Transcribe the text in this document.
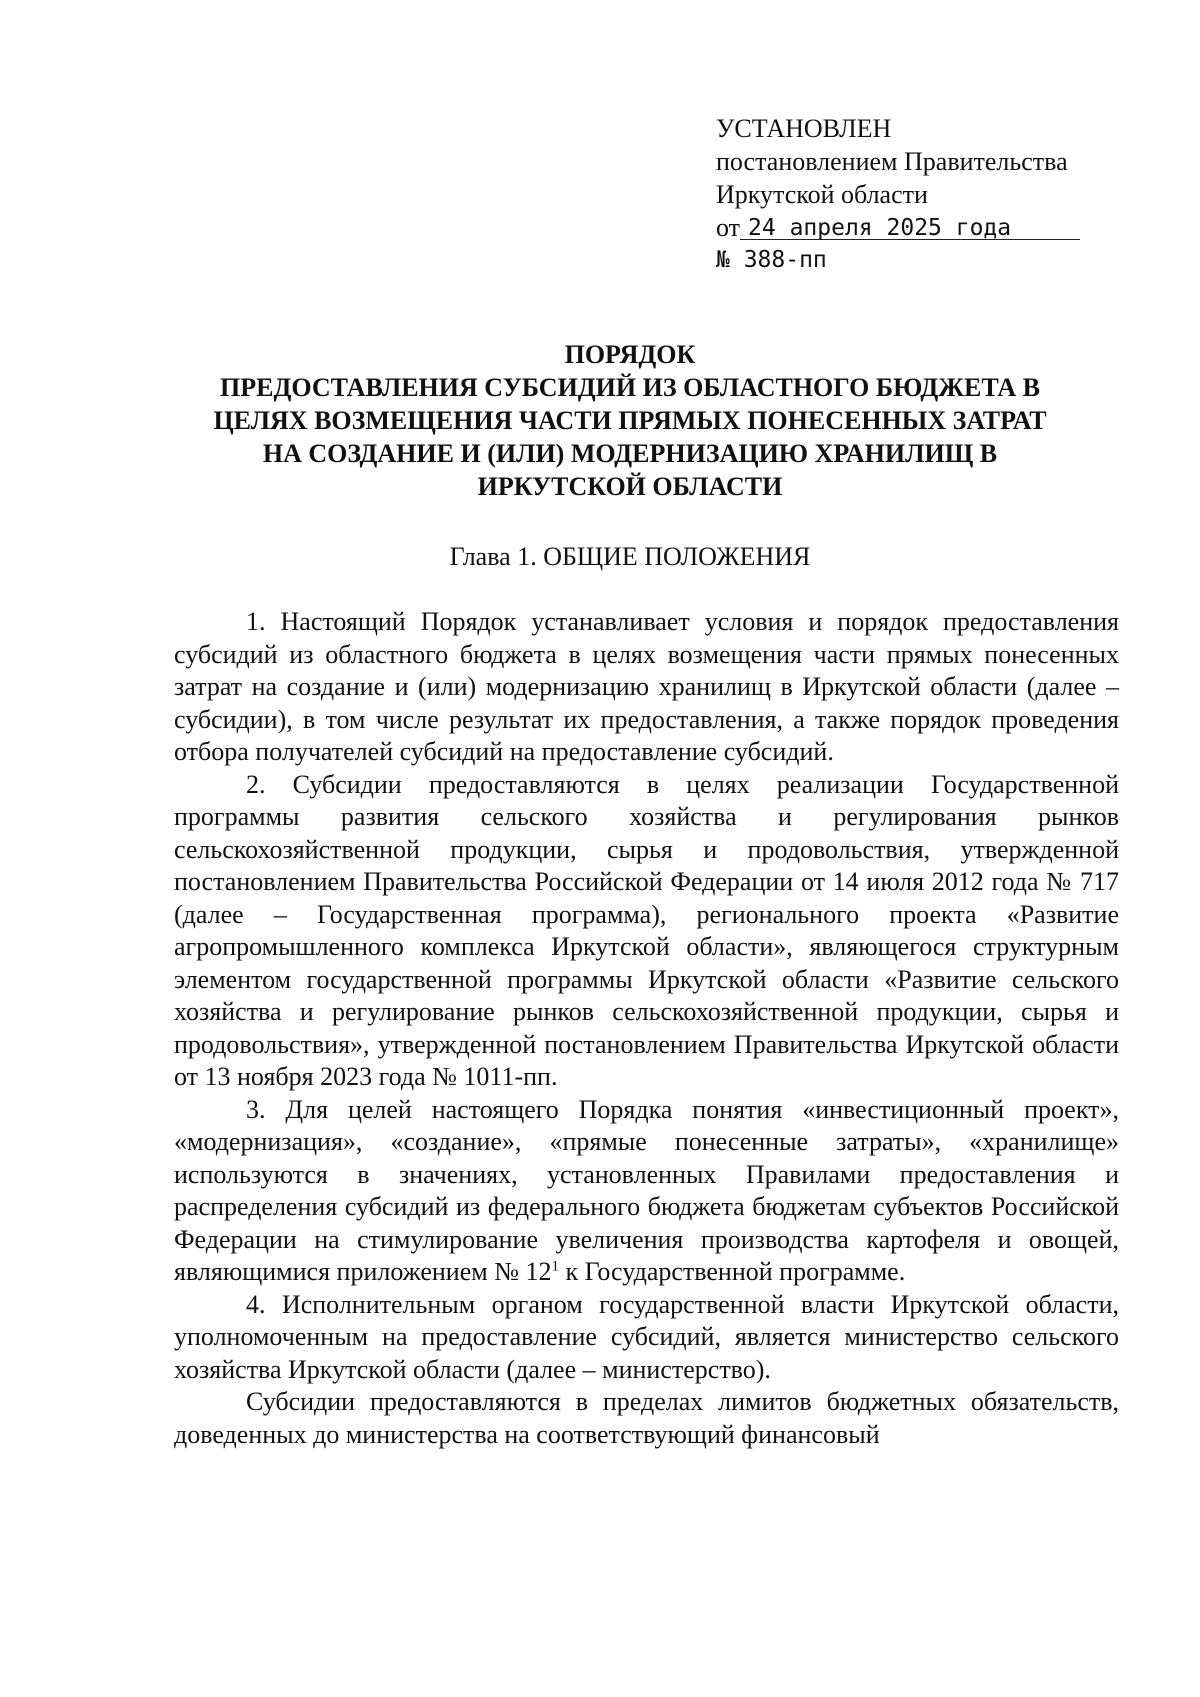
УСТАНОВЛЕН
постановлением Правительства
Иркутской области
от 24 апреля 2025 года
№ 388-пп
ПОРЯДОК
ПРЕДОСТАВЛЕНИЯ СУБСИДИЙ ИЗ ОБЛАСТНОГО БЮДЖЕТА В
ЦЕЛЯХ ВОЗМЕЩЕНИЯ ЧАСТИ ПРЯМЫХ ПОНЕСЕННЫХ ЗАТРАТ
НА СОЗДАНИЕ И (ИЛИ) МОДЕРНИЗАЦИЮ ХРАНИЛИЩ В
ИРКУТСКОЙ ОБЛАСТИ
Глава 1. ОБЩИЕ ПОЛОЖЕНИЯ

1. Настоящий Порядок устанавливает условия и порядок предоставления субсидий из областного бюджета в целях возмещения части прямых понесенных затрат на создание и (или) модернизацию хранилищ в Иркутской области (далее – субсидии), в том числе результат их предоставления, а также порядок проведения отбора получателей субсидий на предоставление субсидий.

2. Субсидии предоставляются в целях реализации Государственной программы развития сельского хозяйства и регулирования рынков сельскохозяйственной продукции, сырья и продовольствия, утвержденной постановлением Правительства Российской Федерации от 14 июля 2012 года № 717 (далее – Государственная программа), регионального проекта «Развитие агропромышленного комплекса Иркутской области», являющегося структурным элементом государственной программы Иркутской области «Развитие сельского хозяйства и регулирование рынков сельскохозяйственной продукции, сырья и продовольствия», утвержденной постановлением Правительства Иркутской области от 13 ноября 2023 года № 1011-пп.

3. Для целей настоящего Порядка понятия «инвестиционный проект», «модернизация», «создание», «прямые понесенные затраты», «хранилище» используются в значениях, установленных Правилами предоставления и распределения субсидий из федерального бюджета бюджетам субъектов Российской Федерации на стимулирование увеличения производства картофеля и овощей, являющимися приложением № $12^1$ к Государственной программе.

4. Исполнительным органом государственной власти Иркутской области, уполномоченным на предоставление субсидий, является министерство сельского хозяйства Иркутской области (далее – министерство).

Субсидии предоставляются в пределах лимитов бюджетных обязательств, доведенных до министерства на соответствующий финансовый
